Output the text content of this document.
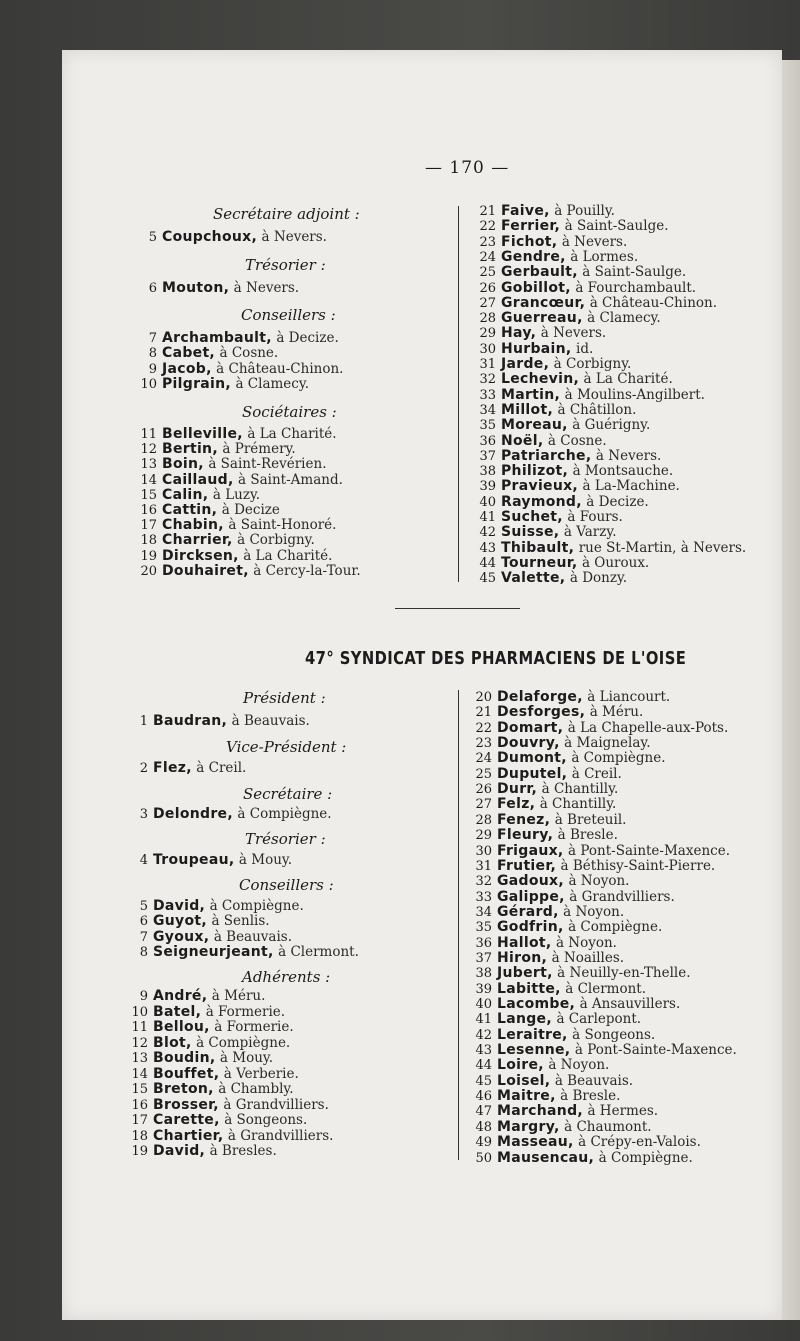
— 170 —
47° SYNDICAT DES PHARMACIENS DE L'OISE
Secrétaire adjoint :
Trésorier :
Conseillers :
Sociétaires :
Président :
Vice-Président :
Secrétaire :
Trésorier :
Conseillers :
Adhérents :
5 Coupchoux, à Nevers.
6 Mouton, à Nevers.
7 Archambault, à Decize.
8 Cabet, à Cosne.
9 Jacob, à Château-Chinon.
10 Pilgrain, à Clamecy.
11 Belleville, à La Charité.
12 Bertin, à Prémery.
13 Boin, à Saint-Revérien.
14 Caillaud, à Saint-Amand.
15 Calin, à Luzy.
16 Cattin, à Decize
17 Chabin, à Saint-Honoré.
18 Charrier, à Corbigny.
19 Dircksen, à La Charité.
20 Douhairet, à Cercy-la-Tour.
21 Faive, à Pouilly.
22 Ferrier, à Saint-Saulge.
23 Fichot, à Nevers.
24 Gendre, à Lormes.
25 Gerbault, à Saint-Saulge.
26 Gobillot, à Fourchambault.
27 Grancœur, à Château-Chinon.
28 Guerreau, à Clamecy.
29 Hay, à Nevers.
30 Hurbain, id.
31 Jarde, à Corbigny.
32 Lechevin, à La Charité.
33 Martin, à Moulins-Angilbert.
34 Millot, à Châtillon.
35 Moreau, à Guérigny.
36 Noël, à Cosne.
37 Patriarche, à Nevers.
38 Philizot, à Montsauche.
39 Pravieux, à La-Machine.
40 Raymond, à Decize.
41 Suchet, à Fours.
42 Suisse, à Varzy.
43 Thibault, rue St-Martin, à Nevers.
44 Tourneur, à Ouroux.
45 Valette, à Donzy.
1 Baudran, à Beauvais.
2 Flez, à Creil.
3 Delondre, à Compiègne.
4 Troupeau, à Mouy.
5 David, à Compiègne.
6 Guyot, à Senlis.
7 Gyoux, à Beauvais.
8 Seigneurjeant, à Clermont.
9 André, à Méru.
10 Batel, à Formerie.
11 Bellou, à Formerie.
12 Blot, à Compiègne.
13 Boudin, à Mouy.
14 Bouffet, à Verberie.
15 Breton, à Chambly.
16 Brosser, à Grandvilliers.
17 Carette, à Songeons.
18 Chartier, à Grandvilliers.
19 David, à Bresles.
20 Delaforge, à Liancourt.
21 Desforges, à Méru.
22 Domart, à La Chapelle-aux-Pots.
23 Douvry, à Maignelay.
24 Dumont, à Compiègne.
25 Duputel, à Creil.
26 Durr, à Chantilly.
27 Felz, à Chantilly.
28 Fenez, à Breteuil.
29 Fleury, à Bresle.
30 Frigaux, à Pont-Sainte-Maxence.
31 Frutier, à Béthisy-Saint-Pierre.
32 Gadoux, à Noyon.
33 Galippe, à Grandvilliers.
34 Gérard, à Noyon.
35 Godfrin, à Compiègne.
36 Hallot, à Noyon.
37 Hiron, à Noailles.
38 Jubert, à Neuilly-en-Thelle.
39 Labitte, à Clermont.
40 Lacombe, à Ansauvillers.
41 Lange, à Carlepont.
42 Leraitre, à Songeons.
43 Lesenne, à Pont-Sainte-Maxence.
44 Loire, à Noyon.
45 Loisel, à Beauvais.
46 Maitre, à Bresle.
47 Marchand, à Hermes.
48 Margry, à Chaumont.
49 Masseau, à Crépy-en-Valois.
50 Mausencau, à Compiègne.
